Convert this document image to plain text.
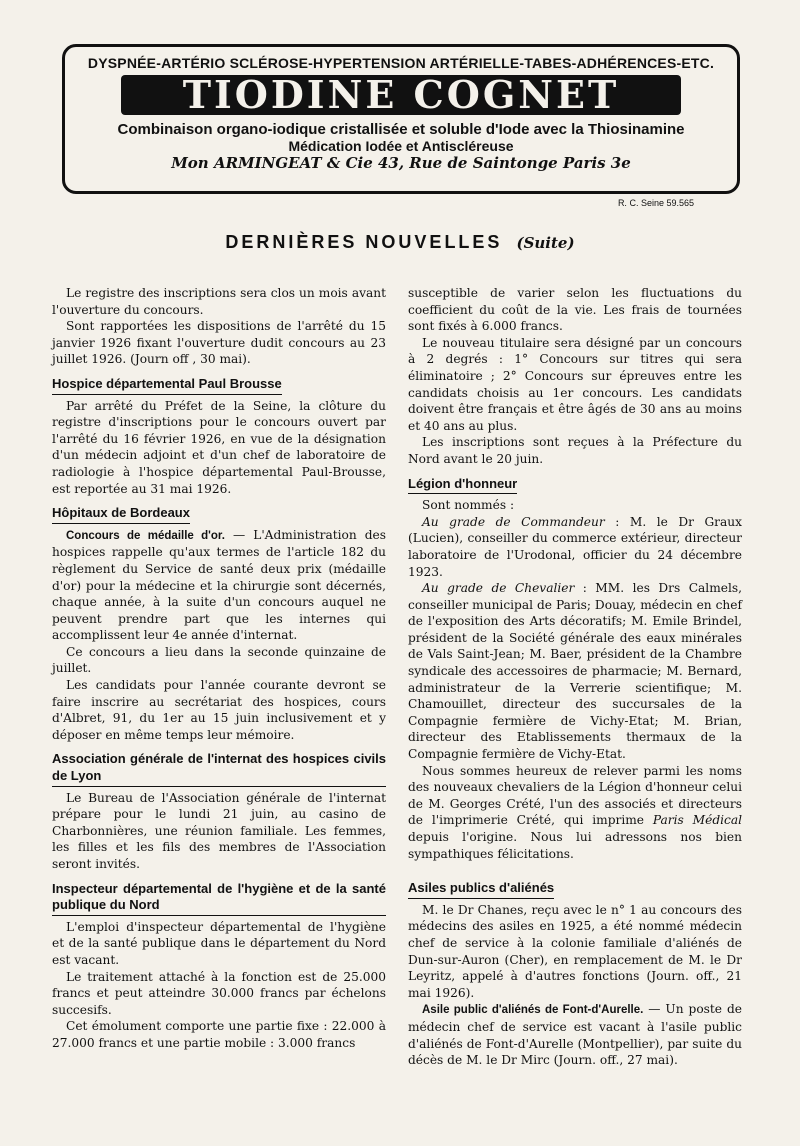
DYSPNÉE-ARTÉRIO SCLÉROSE-HYPERTENSION ARTÉRIELLE-TABES-ADHÉRENCES-ETC.
TIODINE COGNET
Combinaison organo-iodique cristallisée et soluble d'Iode avec la Thiosinamine
Médication Iodée et Antiscléreuse
Mon ARMINGEAT & Cie 43, Rue de Saintonge Paris 3e
R. C. Seine 59.565
DERNIÈRES NOUVELLES (Suite)

Le registre des inscriptions sera clos un mois avant l'ouverture du concours.

Sont rapportées les dispositions de l'arrêté du 15 janvier 1926 fixant l'ouverture dudit concours au 23 juillet 1926. (Journ off , 30 mai).

Hospice départemental Paul Brousse

Par arrêté du Préfet de la Seine, la clôture du registre d'inscriptions pour le concours ouvert par l'arrêté du 16 février 1926, en vue de la désignation d'un médecin adjoint et d'un chef de laboratoire de radiologie à l'hospice départemental Paul-Brousse, est reportée au 31 mai 1926.

Hôpitaux de Bordeaux

Concours de médaille d'or. — L'Administration des hospices rappelle qu'aux termes de l'article 182 du règlement du Service de santé deux prix (médaille d'or) pour la médecine et la chirurgie sont décernés, chaque année, à la suite d'un concours auquel ne peuvent prendre part que les internes qui accomplissent leur 4e année d'internat.

Ce concours a lieu dans la seconde quinzaine de juillet.

Les candidats pour l'année courante devront se faire inscrire au secrétariat des hospices, cours d'Albret, 91, du 1er au 15 juin inclusivement et y déposer en même temps leur mémoire.

Association générale de l'internat des hospices civils de Lyon

Le Bureau de l'Association générale de l'internat prépare pour le lundi 21 juin, au casino de Charbonnières, une réunion familiale. Les femmes, les filles et les fils des membres de l'Association seront invités.

Inspecteur départemental de l'hygiène et de la santé publique du Nord

L'emploi d'inspecteur départemental de l'hygiène et de la santé publique dans le département du Nord est vacant.

Le traitement attaché à la fonction est de 25.000 francs et peut atteindre 30.000 francs par échelons succesifs.

Cet émolument comporte une partie fixe : 22.000 à 27.000 francs et une partie mobile : 3.000 francs

susceptible de varier selon les fluctuations du coefficient du coût de la vie. Les frais de tournées sont fixés à 6.000 francs.

Le nouveau titulaire sera désigné par un concours à 2 degrés : 1° Concours sur titres qui sera éliminatoire ; 2° Concours sur épreuves entre les candidats choisis au 1er concours. Les candidats doivent être français et être âgés de 30 ans au moins et 40 ans au plus.

Les inscriptions sont reçues à la Préfecture du Nord avant le 20 juin.

Légion d'honneur

Sont nommés :

Au grade de Commandeur : M. le Dr Graux (Lucien), conseiller du commerce extérieur, directeur laboratoire de l'Urodonal, officier du 24 décembre 1923.

Au grade de Chevalier : MM. les Drs Calmels, conseiller municipal de Paris; Douay, médecin en chef de l'exposition des Arts décoratifs; M. Emile Brindel, président de la Société générale des eaux minérales de Vals Saint-Jean; M. Baer, président de la Chambre syndicale des accessoires de pharmacie; M. Bernard, administrateur de la Verrerie scientifique; M. Chamouillet, directeur des succursales de la Compagnie fermière de Vichy-Etat; M. Brian, directeur des Etablissements thermaux de la Compagnie fermière de Vichy-Etat.

Nous sommes heureux de relever parmi les noms des nouveaux chevaliers de la Légion d'honneur celui de M. Georges Crété, l'un des associés et directeurs de l'imprimerie Crété, qui imprime Paris Médical depuis l'origine. Nous lui adressons nos bien sympathiques félicitations.

Asiles publics d'aliénés

M. le Dr Chanes, reçu avec le n° 1 au concours des médecins des asiles en 1925, a été nommé médecin chef de service à la colonie familiale d'aliénés de Dun-sur-Auron (Cher), en remplacement de M. le Dr Leyritz, appelé à d'autres fonctions (Journ. off., 21 mai 1926).

Asile public d'aliénés de Font-d'Aurelle. — Un poste de médecin chef de service est vacant à l'asile public d'aliénés de Font-d'Aurelle (Montpellier), par suite du décès de M. le Dr Mirc (Journ. off., 27 mai).
